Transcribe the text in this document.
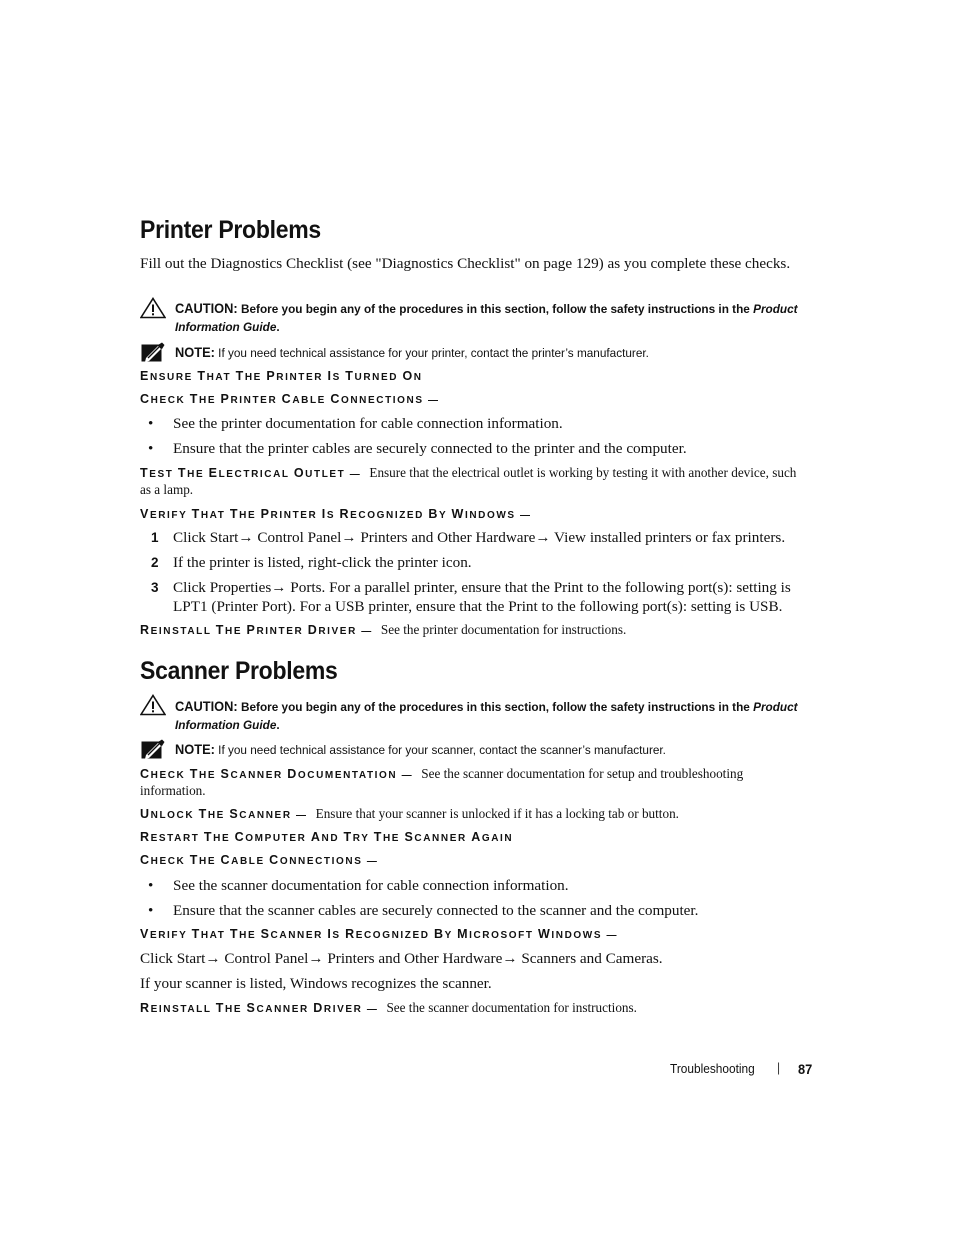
Printer Problems
Fill out the Diagnostics Checklist (see "Diagnostics Checklist" on page 129) as you complete these checks.
CAUTION: Before you begin any of the procedures in this section, follow the safety instructions in the Product Information Guide.
NOTE: If you need technical assistance for your printer, contact the printer’s manufacturer.
ENSURE THAT THE PRINTER IS TURNED ON
CHECK THE PRINTER CABLE CONNECTIONS —
• See the printer documentation for cable connection information.
• Ensure that the printer cables are securely connected to the printer and the computer.
TEST THE ELECTRICAL OUTLET — Ensure that the electrical outlet is working by testing it with another device, such
as a lamp.
VERIFY THAT THE PRINTER IS RECOGNIZED BY WINDOWS —
1 Click Start→ Control Panel→ Printers and Other Hardware→ View installed printers or fax printers.
2 If the printer is listed, right-click the printer icon.
3 Click Properties→ Ports. For a parallel printer, ensure that the Print to the following port(s): setting is
LPT1 (Printer Port). For a USB printer, ensure that the Print to the following port(s): setting is USB.
REINSTALL THE PRINTER DRIVER — See the printer documentation for instructions.
Scanner Problems
CAUTION: Before you begin any of the procedures in this section, follow the safety instructions in the Product Information Guide.
NOTE: If you need technical assistance for your scanner, contact the scanner’s manufacturer.
CHECK THE SCANNER DOCUMENTATION — See the scanner documentation for setup and troubleshooting
information.
UNLOCK THE SCANNER — Ensure that your scanner is unlocked if it has a locking tab or button.
RESTART THE COMPUTER AND TRY THE SCANNER AGAIN
CHECK THE CABLE CONNECTIONS —
• See the scanner documentation for cable connection information.
• Ensure that the scanner cables are securely connected to the scanner and the computer.
VERIFY THAT THE SCANNER IS RECOGNIZED BY MICROSOFT WINDOWS —
Click Start→ Control Panel→ Printers and Other Hardware→ Scanners and Cameras.
If your scanner is listed, Windows recognizes the scanner.
REINSTALL THE SCANNER DRIVER — See the scanner documentation for instructions.
Troubleshooting | 87
